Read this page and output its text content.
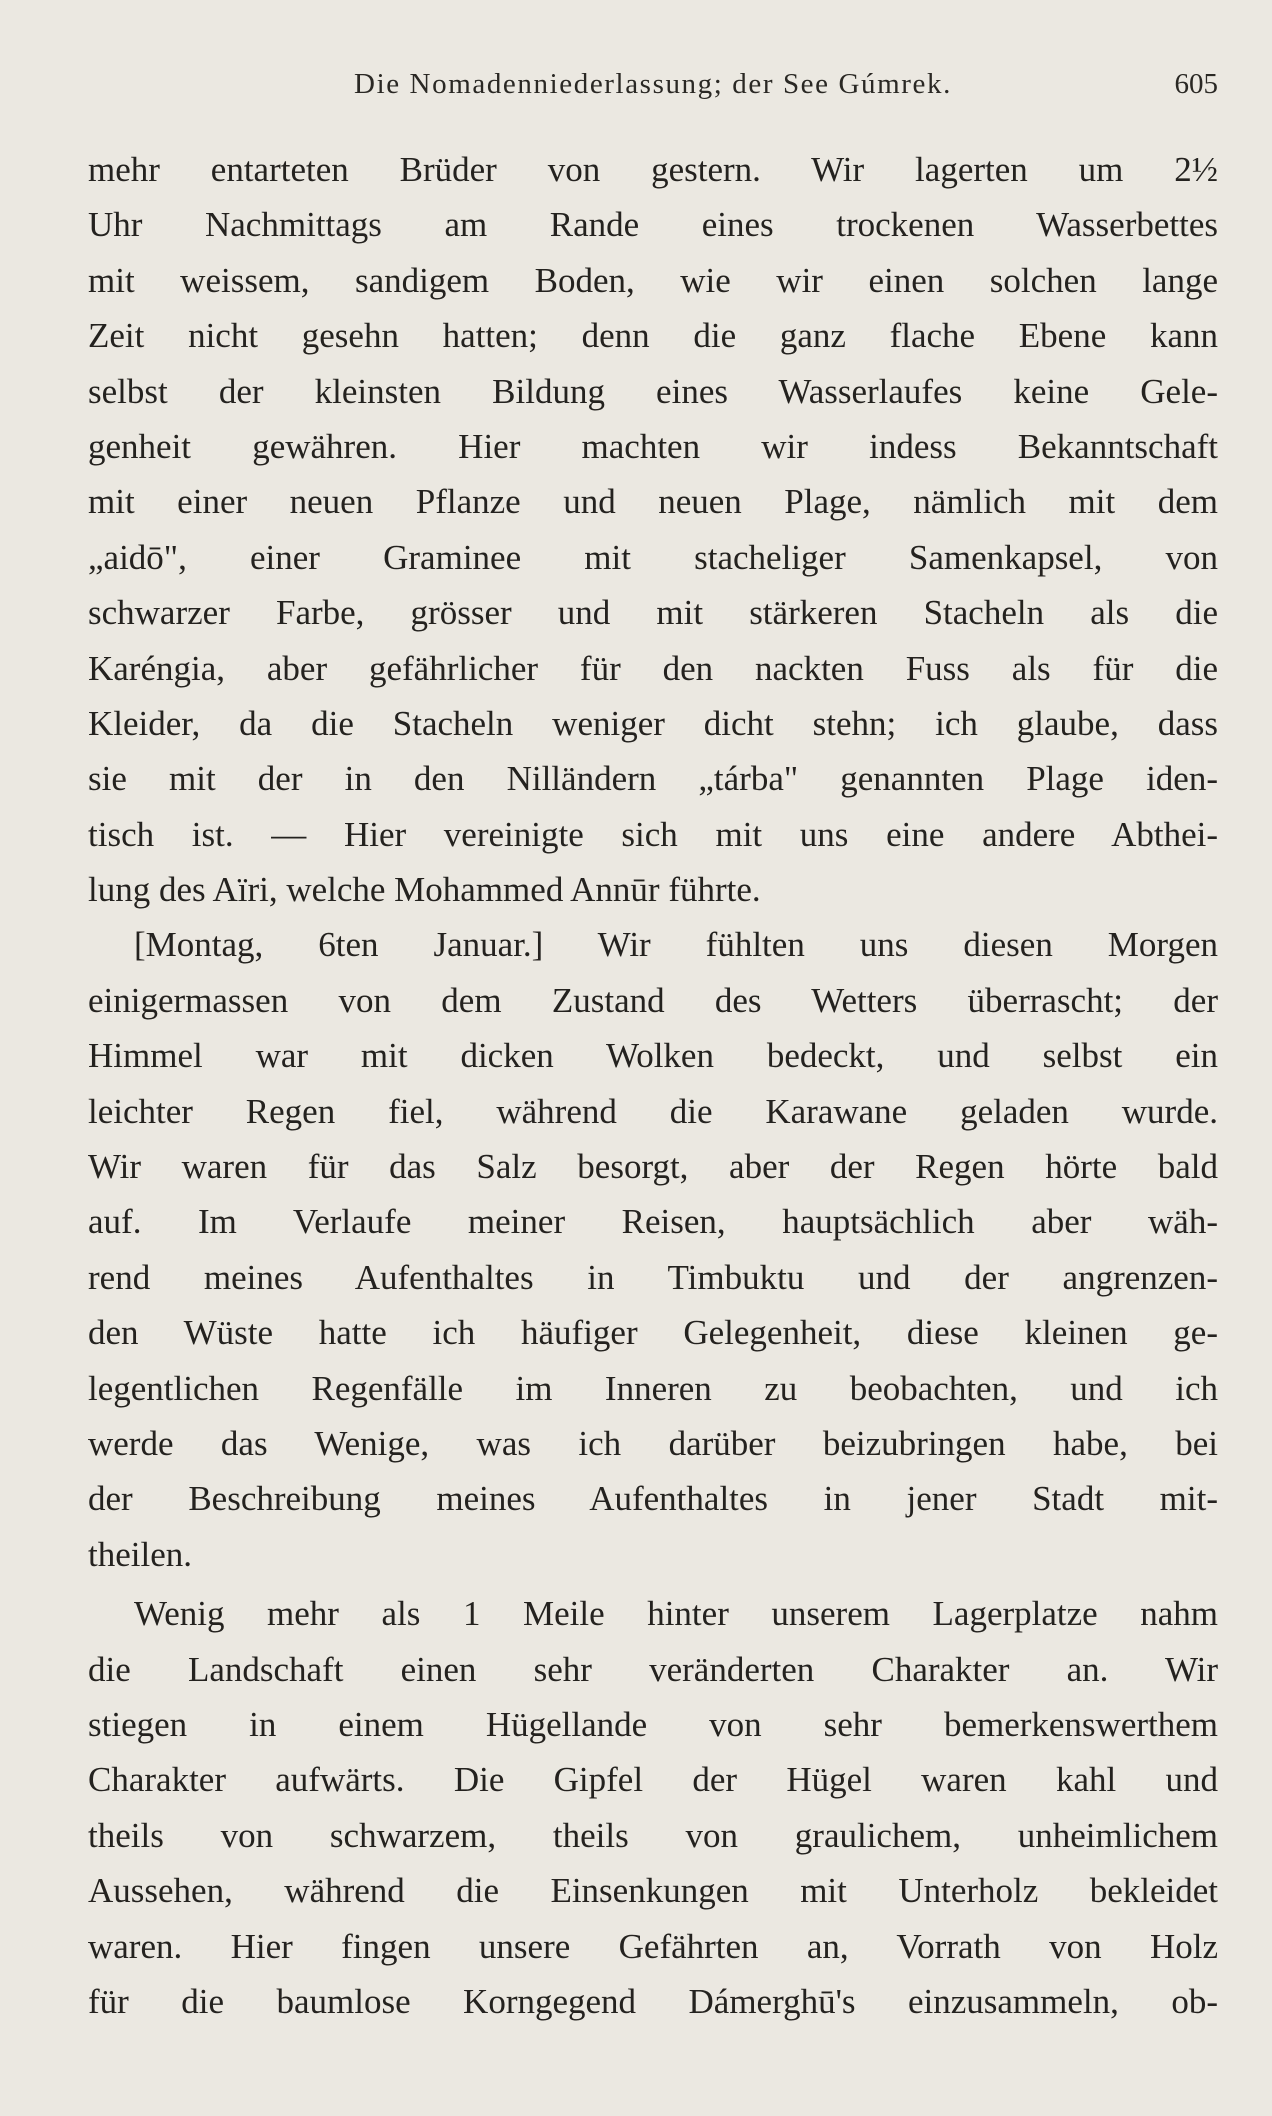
Die Nomadenniederlassung; der See Gúmrek.	605
mehr entarteten Brüder von gestern. Wir lagerten um 2½
Uhr Nachmittags am Rande eines trockenen Wasserbettes
mit weissem, sandigem Boden, wie wir einen solchen lange
Zeit nicht gesehn hatten; denn die ganz flache Ebene kann
selbst der kleinsten Bildung eines Wasserlaufes keine Gele-
genheit gewähren. Hier machten wir indess Bekanntschaft
mit einer neuen Pflanze und neuen Plage, nämlich mit dem
„aidō", einer Graminee mit stacheliger Samenkapsel, von
schwarzer Farbe, grösser und mit stärkeren Stacheln als die
Karéngia, aber gefährlicher für den nackten Fuss als für die
Kleider, da die Stacheln weniger dicht stehn; ich glaube, dass
sie mit der in den Nilländern „tárba" genannten Plage iden-
tisch ist. — Hier vereinigte sich mit uns eine andere Abthei-
lung des Aïri, welche Mohammed Annūr führte.
[Montag, 6ten Januar.] Wir fühlten uns diesen Morgen
einigermassen von dem Zustand des Wetters überrascht; der
Himmel war mit dicken Wolken bedeckt, und selbst ein
leichter Regen fiel, während die Karawane geladen wurde.
Wir waren für das Salz besorgt, aber der Regen hörte bald
auf. Im Verlaufe meiner Reisen, hauptsächlich aber wäh-
rend meines Aufenthaltes in Timbuktu und der angrenzen-
den Wüste hatte ich häufiger Gelegenheit, diese kleinen ge-
legentlichen Regenfälle im Inneren zu beobachten, und ich
werde das Wenige, was ich darüber beizubringen habe, bei
der Beschreibung meines Aufenthaltes in jener Stadt mit-
theilen.
Wenig mehr als 1 Meile hinter unserem Lagerplatze nahm
die Landschaft einen sehr veränderten Charakter an. Wir
stiegen in einem Hügellande von sehr bemerkenswerthem
Charakter aufwärts. Die Gipfel der Hügel waren kahl und
theils von schwarzem, theils von graulichem, unheimlichem
Aussehen, während die Einsenkungen mit Unterholz bekleidet
waren. Hier fingen unsere Gefährten an, Vorrath von Holz
für die baumlose Korngegend Dámerghū's einzusammeln, ob-
